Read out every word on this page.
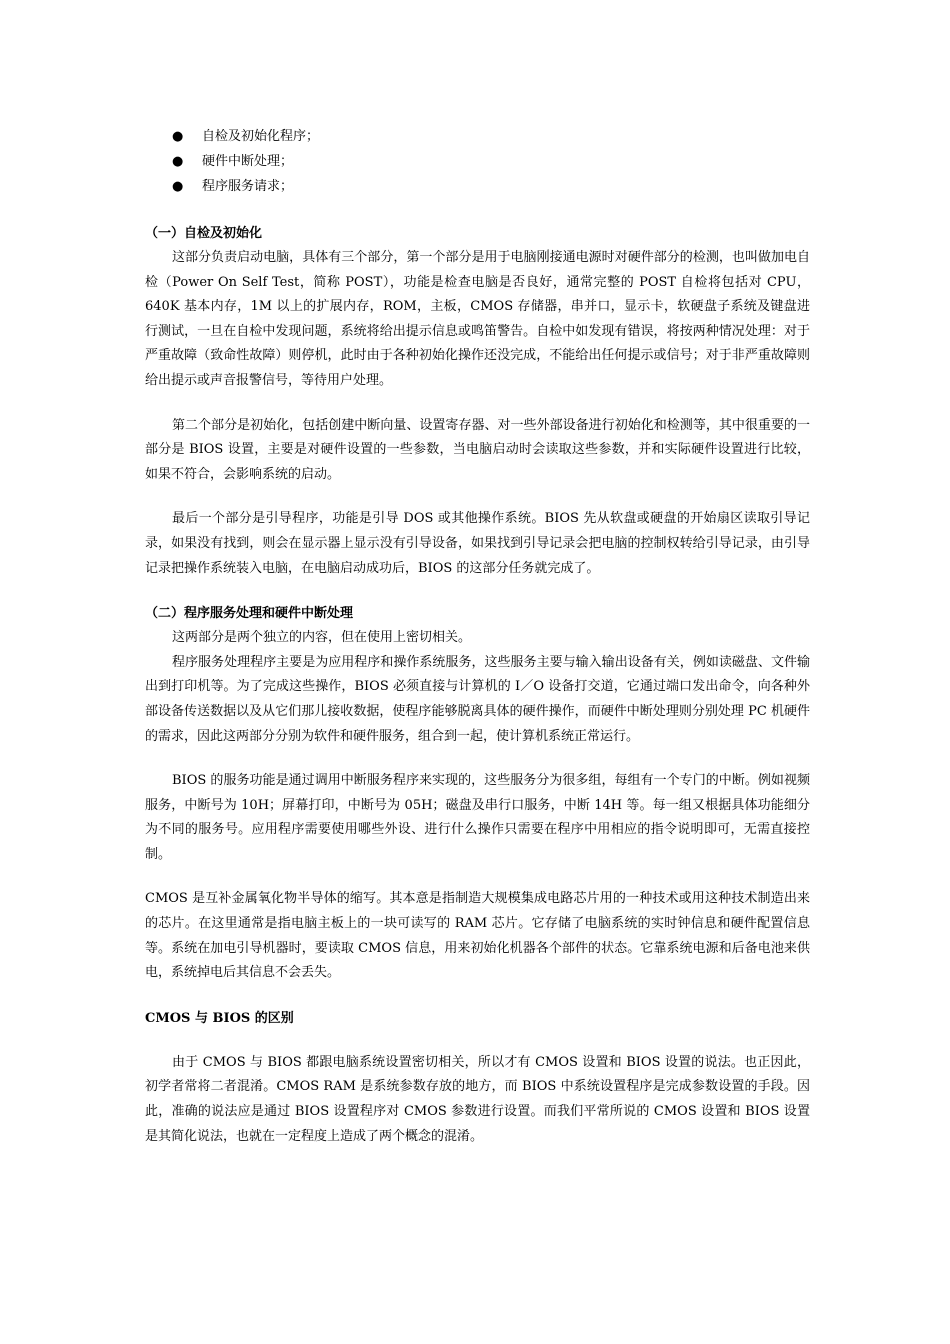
● 自检及初始化程序；
● 硬件中断处理；
● 程序服务请求；
（一）自检及初始化

这部分负责启动电脑，具体有三个部分，第一个部分是用于电脑刚接通电源时对硬件部分的检测，也叫做加电自检（Power On Self Test，简称 POST），功能是检查电脑是否良好，通常完整的 POST 自检将包括对 CPU，640K 基本内存，1M 以上的扩展内存，ROM，主板，CMOS 存储器，串并口，显示卡，软硬盘子系统及键盘进行测试，一旦在自检中发现问题，系统将给出提示信息或鸣笛警告。自检中如发现有错误，将按两种情况处理：对于严重故障（致命性故障）则停机，此时由于各种初始化操作还没完成，不能给出任何提示或信号；对于非严重故障则给出提示或声音报警信号，等待用户处理。

第二个部分是初始化，包括创建中断向量、设置寄存器、对一些外部设备进行初始化和检测等，其中很重要的一部分是 BIOS 设置，主要是对硬件设置的一些参数，当电脑启动时会读取这些参数，并和实际硬件设置进行比较，如果不符合，会影响系统的启动。

最后一个部分是引导程序，功能是引导 DOS 或其他操作系统。BIOS 先从软盘或硬盘的开始扇区读取引导记录，如果没有找到，则会在显示器上显示没有引导设备，如果找到引导记录会把电脑的控制权转给引导记录，由引导记录把操作系统装入电脑，在电脑启动成功后，BIOS 的这部分任务就完成了。

（二）程序服务处理和硬件中断处理

这两部分是两个独立的内容，但在使用上密切相关。

程序服务处理程序主要是为应用程序和操作系统服务，这些服务主要与输入输出设备有关，例如读磁盘、文件输出到打印机等。为了完成这些操作，BIOS 必须直接与计算机的 I／O 设备打交道，它通过端口发出命令，向各种外部设备传送数据以及从它们那儿接收数据，使程序能够脱离具体的硬件操作，而硬件中断处理则分别处理 PC 机硬件的需求，因此这两部分分别为软件和硬件服务，组合到一起，使计算机系统正常运行。

BIOS 的服务功能是通过调用中断服务程序来实现的，这些服务分为很多组，每组有一个专门的中断。例如视频服务，中断号为 10H；屏幕打印，中断号为 05H；磁盘及串行口服务，中断 14H 等。每一组又根据具体功能细分为不同的服务号。应用程序需要使用哪些外设、进行什么操作只需要在程序中用相应的指令说明即可，无需直接控制。

CMOS 是互补金属氧化物半导体的缩写。其本意是指制造大规模集成电路芯片用的一种技术或用这种技术制造出来的芯片。在这里通常是指电脑主板上的一块可读写的 RAM 芯片。它存储了电脑系统的实时钟信息和硬件配置信息等。系统在加电引导机器时，要读取 CMOS 信息，用来初始化机器各个部件的状态。它靠系统电源和后备电池来供电，系统掉电后其信息不会丢失。

CMOS 与 BIOS 的区别

由于 CMOS 与 BIOS 都跟电脑系统设置密切相关，所以才有 CMOS 设置和 BIOS 设置的说法。也正因此，初学者常将二者混淆。CMOS RAM 是系统参数存放的地方，而 BIOS 中系统设置程序是完成参数设置的手段。因此，准确的说法应是通过 BIOS 设置程序对 CMOS 参数进行设置。而我们平常所说的 CMOS 设置和 BIOS 设置是其简化说法，也就在一定程度上造成了两个概念的混淆。
